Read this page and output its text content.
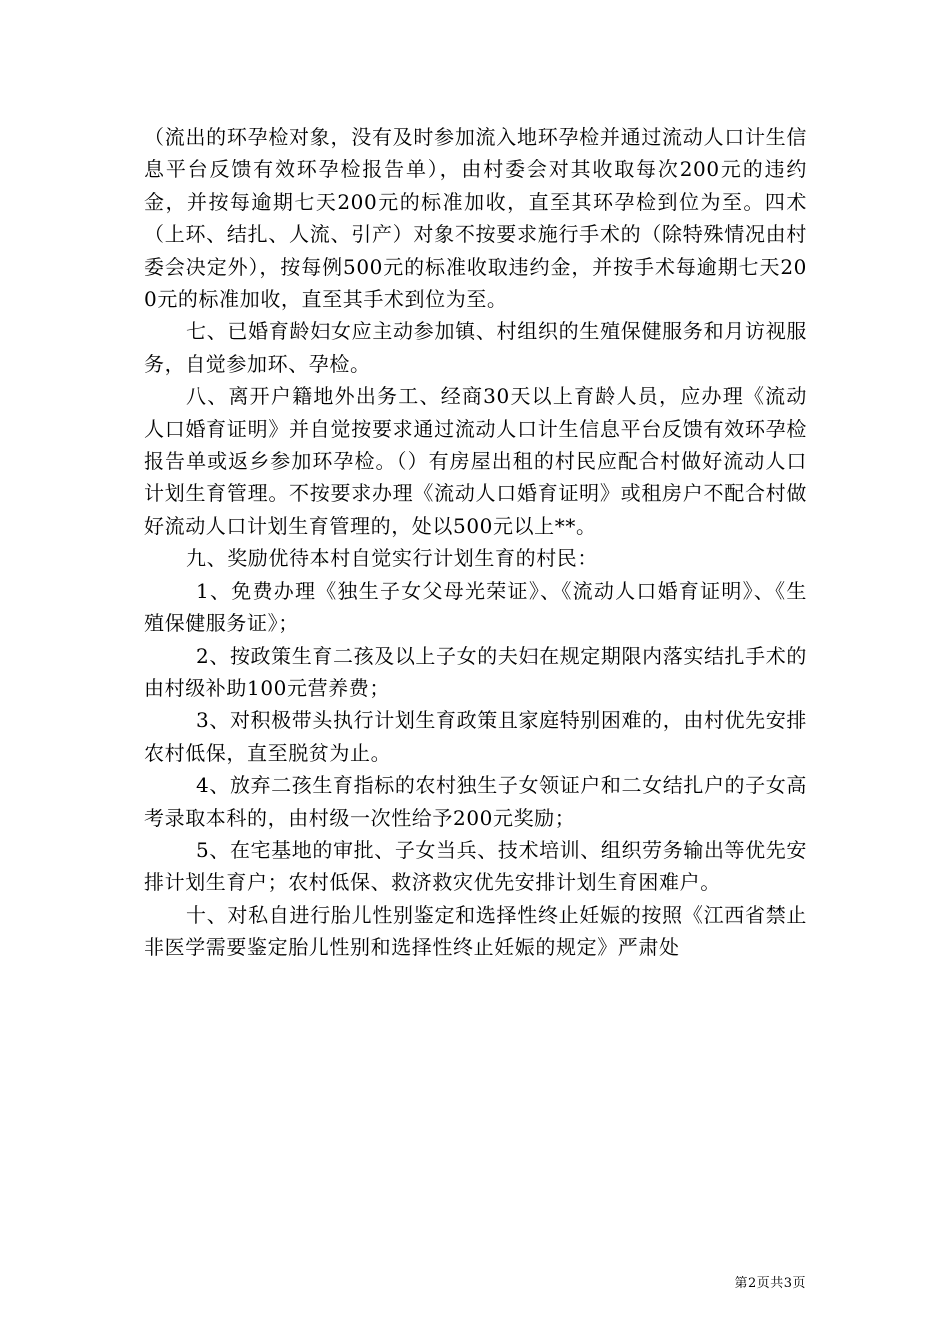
（流出的环孕检对象，没有及时参加流入地环孕检并通过流动人口计生信息平台反馈有效环孕检报告单），由村委会对其收取每次200元的违约金，并按每逾期七天200元的标准加收，直至其环孕检到位为至。四术（上环、结扎、人流、引产）对象不按要求施行手术的（除特殊情况由村委会决定外），按每例500元的标准收取违约金，并按手术每逾期七天200元的标准加收，直至其手术到位为至。

七、已婚育龄妇女应主动参加镇、村组织的生殖保健服务和月访视服务，自觉参加环、孕检。

八、离开户籍地外出务工、经商30天以上育龄人员，应办理《流动人口婚育证明》并自觉按要求通过流动人口计生信息平台反馈有效环孕检报告单或返乡参加环孕检。（）有房屋出租的村民应配合村做好流动人口计划生育管理。不按要求办理《流动人口婚育证明》或租房户不配合村做好流动人口计划生育管理的，处以500元以上**。

九、奖励优待本村自觉实行计划生育的村民：

1、免费办理《独生子女父母光荣证》、《流动人口婚育证明》、《生殖保健服务证》；

2、按政策生育二孩及以上子女的夫妇在规定期限内落实结扎手术的由村级补助100元营养费；

3、对积极带头执行计划生育政策且家庭特别困难的，由村优先安排农村低保，直至脱贫为止。

4、放弃二孩生育指标的农村独生子女领证户和二女结扎户的子女高考录取本科的，由村级一次性给予200元奖励；

5、在宅基地的审批、子女当兵、技术培训、组织劳务输出等优先安排计划生育户；农村低保、救济救灾优先安排计划生育困难户。

十、对私自进行胎儿性别鉴定和选择性终止妊娠的按照《江西省禁止非医学需要鉴定胎儿性别和选择性终止妊娠的规定》严肃处

第2页共3页
